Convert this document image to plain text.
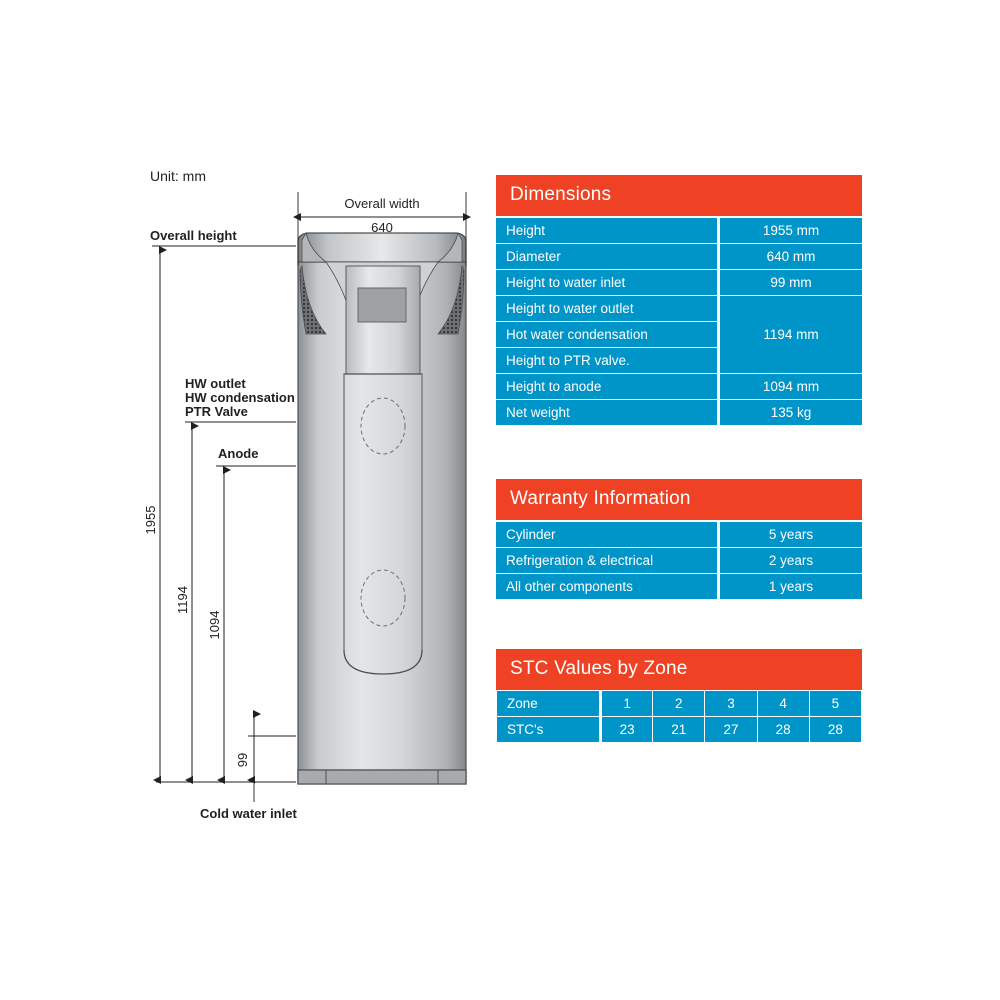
Unit: mm
Overall width
640
Overall height
1955
HW outlet
HW condensation
PTR Valve
1194
Anode
1094
99
Cold water inlet
Dimensions
Height	1955 mm
Diameter	640 mm
Height to water inlet	99 mm
Height to water outlet	1194 mm
Hot water condensation	
Height to PTR valve.	
Height to anode	1094 mm
Net weight	135 kg
Warranty Information
Cylinder	5 years
Refrigeration & electrical	2 years
All other components	1 years
STC Values by Zone
Zone	1	2	3	4	5
STC's	23	21	27	28	28
